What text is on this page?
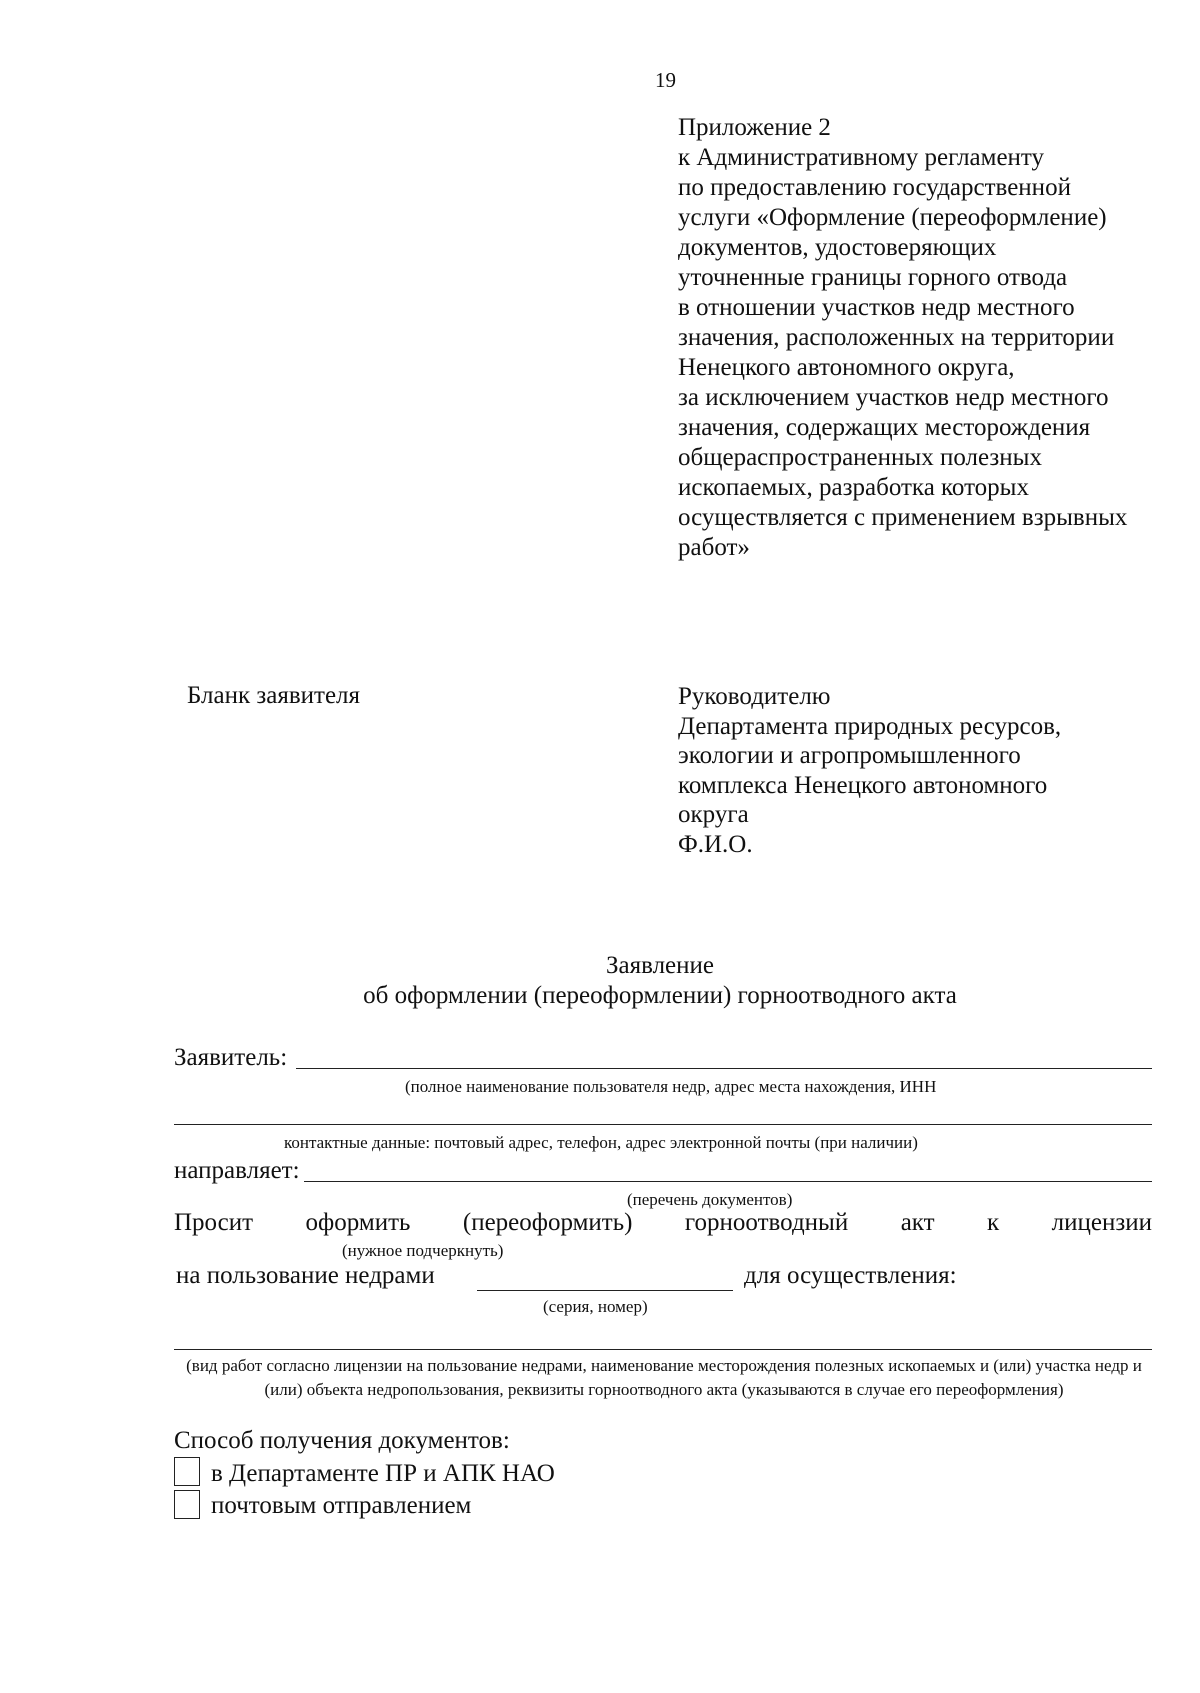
19
Приложение 2
к Административному регламенту
по предоставлению государственной
услуги «Оформление (переоформление)
документов, удостоверяющих
уточненные границы горного отвода
в отношении участков недр местного
значения, расположенных на территории
Ненецкого автономного округа,
за исключением участков недр местного
значения, содержащих месторождения
общераспространенных полезных
ископаемых, разработка которых
осуществляется с применением взрывных
работ»
Бланк заявителя	Руководителю
Департамента природных ресурсов,
экологии и агропромышленного
комплекса Ненецкого автономного
округа
Ф.И.О.
Заявление
об оформлении (переоформлении) горноотводного акта
Заявитель:
(полное наименование пользователя недр, адрес места нахождения, ИНН
контактные данные: почтовый адрес, телефон, адрес электронной почты (при наличии)
направляет:
(перечень документов)
Просит оформить (переоформить) горноотводный акт к лицензии
(нужное подчеркнуть)
на пользование недрами	для осуществления:
(серия, номер)
(вид работ согласно лицензии на пользование недрами, наименование месторождения полезных ископаемых и (или) участка недр и (или) объекта недропользования, реквизиты горноотводного акта (указываются в случае его переоформления)
Способ получения документов:
в Департаменте ПР и АПК НАО
почтовым отправлением
